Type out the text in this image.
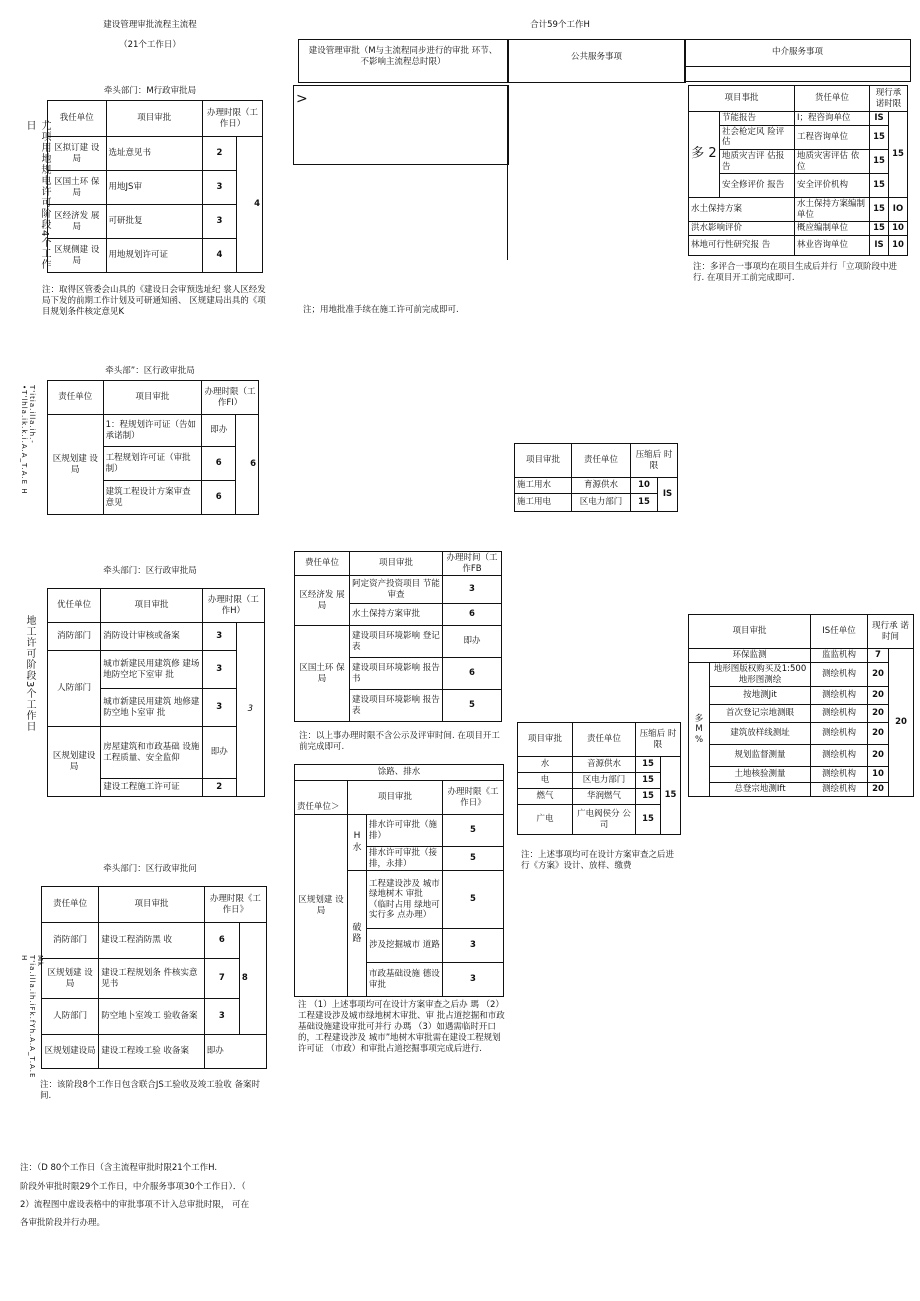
建设管理审批流程主流程
（21个工作日）
牵头部门：M行政审批局
尤项用地规电许可阶段4个工作日
我任单位	项目审批	办理时限（工作日）	
区拟订建 设局	选址意见书	2	4
区国土环 保局	用地JS审	3	
区经济发 展局	可研批复	3	
区规侧建 设局	用地规划许可证	4	
注：取得区管委会山具的《建设日会审预选址纪 裳人区经发局下发的前期工作计划及可研通知函、 区规建局出具的《项目规划条件核定意见K
牵头部”：区行政审批局
T'itia.illa.ih.-•T'lhla.ik.k.i.A.A_T.A.E H	责任单位	项目审批	办理时限（工作FI）	
区规划建 设局	1：程规划许可证（告如承诺制）	即办	6
	工程规划许可证（审批制）	6	
	建筑工程设计方案审查意见	6	
牵头部门：区行政审批局
地工许可阶段3个工作日
优任单位	项目审批	办理时限（工作H）	
消防部门	消防设计审核或备案	3	3
人防部门	城市新建民用建筑修 建场地防空坨下室审 批	3	
	城市新建民用建筑 地修建防空地卜室审 批	3	
区规划建设 局	房屋建筑和市政基础 设施工程质量、安全监仰	即办	
	建设工程施工许可证	2	
牵头部门：区行政审批问
Mk T'ia.illa.ih.iFk.fYh.A.A_T.A.E H
责任单位	项目审批	办理时限《工作日》	
消防部门	建设工程消防黑 收	6	8
区规划建 设局	建设工程规划条 件核实意见书	7	
人防部门	防空地卜室竣工 验收备案	3	
区规划建设局	建设工程竣工验 收备案	即办	
注：该阶段8个工作日包含联合JS工验收及竣工验收 备案时间.
注：（D 80个工作日（含主流程审批时限21个工作H.
阶段外审批时限29个工作日，中介服务事项30个工作日）．（
2）流程图中虚设表格中的审批事项不计入总审批时限， 可在
各审批阶段并行办理。
合计59个工作H
建设管理审批（M与主流程同步进行的审批 环节、不影响主流程总时限）
公共服务事项	中介服务事项
>
注；用地批准手续在施工许可前完成即可.
费任单位	项目审批	办理时间（工作FB
区经济发 展局	阿定资产投资项目 节能审查	3
	水土保持方案审批	6
区国土环 保局	建设项目环境影响 登记表	即办
	建设项目环境影响 报告书	6
	建设项目环境影响 报告表	5
注：以上事办理时限不含公示及评审时间. 在项目开工前完成即可.
馀路、排水			
责任单位＞	项目审批		办理时限《工作日》
区规划建 设局	H 水	排水许可审批（施排）	5
		排水许可审批（接排，永排）	5
	破 路	工程建设涉及 城市绿地树木 审批 （临时占用 绿地可实行多 点办理）	5
		涉及挖掘城市 道路	3
		市政基础设施 德设审批	3
注 （1）上述事项均可在设计方案审查之后办 瑪 （2）工程建设涉及城市绿地树木审批、审 批占道挖掘和市政基础设施建设审批可并行 办瑪 （3）如遇需临时开口的，工程建设涉及 城市”地树木审批需在建设工程规划许可证 （市政）和审批占道挖掘事项完成后进行.
项目审批	责任单位	压缩后 时限	
施工用水	育源供水	10	IS
施工用电	区电力部门	15	
项目审批	责任单位	压缩后 时限	
水	音源供水	15	15
电	区电力部门	15	
燃气	华润燃气	15	
广电	广电阀侯分 公司	15	
注：上述事项均可在设计方案审查之后进行《方案》设计、放样、缴费
项目事批		货任单位	现行承诺时限	
多 2	节能报告	I；程咨询单位	IS	15
	社会枪定风 险评估	工程咨询单位	15	
	地质灾吉评 估报告	地质灾害评估 依位	15	
	安全修评价 报告	安全评价机构	15	
水土保持方案		水土保持方案编制单位	15	IO
洪水影响评价		概应编制单位	15	10
林地可行性研究报 告		林业咨询单位	IS	10
注：多评合一事项均在项目生成后并行「立项阶段中进行. 在项目开工前完成即可.
项目审批		IS任单位	现行承 诺时间	
环保监测		监监机构	7	20
多 M %	地形图版权购买及1:500地形图测绘	测绘机构	20	
	按地测Jit	测绘机构	20	
	首次登记宗地测眼	测绘机构	20	
	建筑放样线测址	测绘机构	20	
	规划监督测量	测绘机构	20	
	土地核验测量	测绘机构	10	
	总登宗地测Ift	测绘机构	20	
